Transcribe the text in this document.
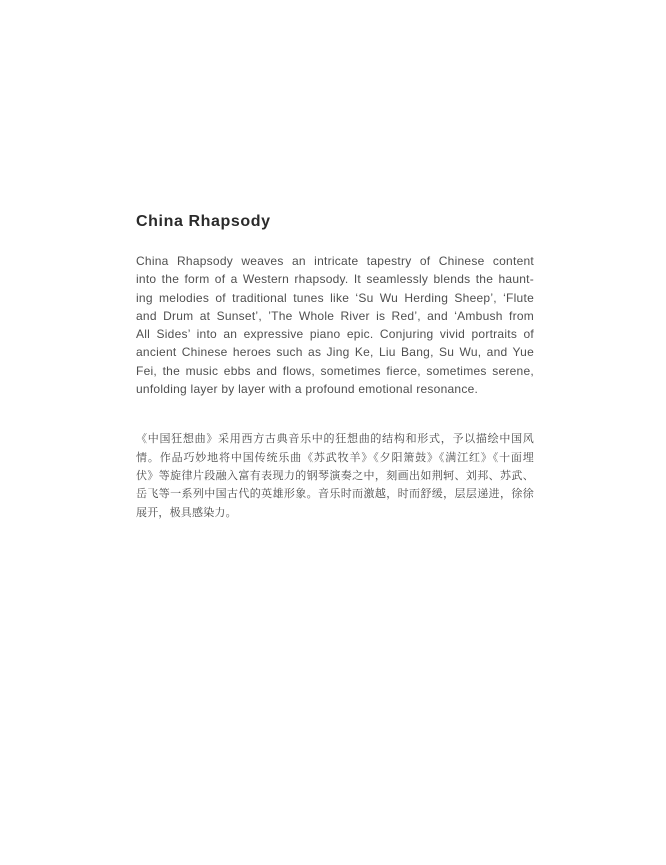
China Rhapsody
China Rhapsody weaves an intricate tapestry of Chinese content
into the form of a Western rhapsody. It seamlessly blends the haunt-
ing melodies of traditional tunes like ‘Su Wu Herding Sheep’, ‘Flute
and Drum at Sunset’, ’The Whole River is Red’, and ‘Ambush from
All Sides’ into an expressive piano epic. Conjuring vivid portraits of
ancient Chinese heroes such as Jing Ke, Liu Bang, Su Wu, and Yue
Fei, the music ebbs and flows, sometimes fierce, sometimes serene,
unfolding layer by layer with a profound emotional resonance.
《中国狂想曲》采用西方古典音乐中的狂想曲的结构和形式，予以描绘中国风
情。作品巧妙地将中国传统乐曲《苏武牧羊》《夕阳箫鼓》《满江红》《十面埋
伏》等旋律片段融入富有表现力的钢琴演奏之中，刻画出如荆轲、刘邦、苏武、
岳飞等一系列中国古代的英雄形象。音乐时而激越，时而舒缓，层层递进，徐徐
展开，极具感染力。
